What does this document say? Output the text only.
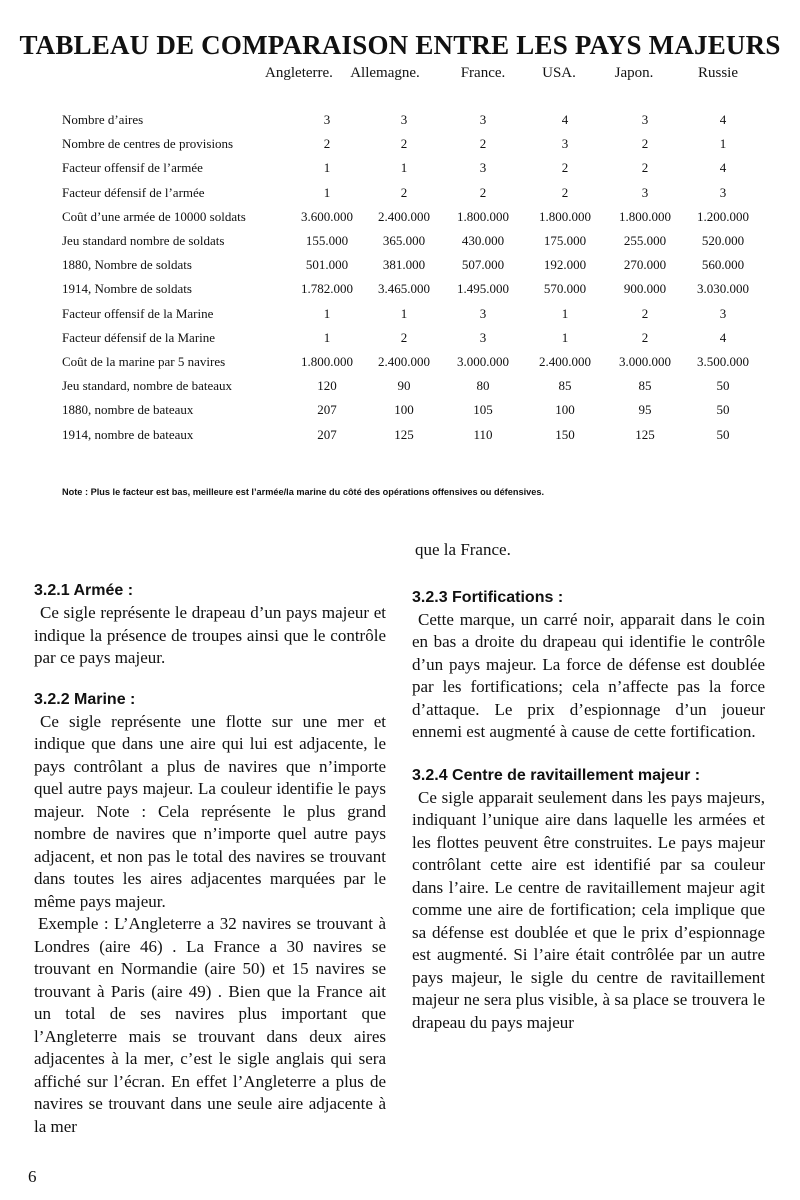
TABLEAU DE COMPARAISON ENTRE LES PAYS MAJEURS
Angleterre.	Allemagne.	France.	USA.	Japon.	Russie
Nombre d’aires	3	3	3	4	3	4
Nombre de centres de provisions	2	2	2	3	2	1
Facteur offensif de l’armée	1	1	3	2	2	4
Facteur défensif de l’armée	1	2	2	2	3	3
Coût d’une armée de 10000 soldats	3.600.000	2.400.000	1.800.000	1.800.000	1.800.000	1.200.000
Jeu standard nombre de soldats	155.000	365.000	430.000	175.000	255.000	520.000
1880, Nombre de soldats	501.000	381.000	507.000	192.000	270.000	560.000
1914, Nombre de soldats	1.782.000	3.465.000	1.495.000	570.000	900.000	3.030.000
Facteur offensif de la Marine	1	1	3	1	2	3
Facteur défensif de la Marine	1	2	3	1	2	4
Coût de la marine par 5 navires	1.800.000	2.400.000	3.000.000	2.400.000	3.000.000	3.500.000
Jeu standard, nombre de bateaux	120	90	80	85	85	50
1880, nombre de bateaux	207	100	105	100	95	50
1914, nombre de bateaux	207	125	110	150	125	50
Note : Plus le facteur est bas, meilleure est l’armée/la marine du côté des opérations offensives ou défensives.
3.2.1 Armée :

Ce sigle représente le drapeau d’un pays majeur et indique la présence de troupes ainsi que le contrôle par ce pays majeur.

3.2.2 Marine :

Ce sigle représente une flotte sur une mer et indique que dans une aire qui lui est adjacente, le pays contrôlant a plus de navires que n’importe quel autre pays majeur. La couleur identifie le pays majeur. Note : Cela représente le plus grand nombre de navires que n’importe quel autre pays adjacent, et non pas le total des navires se trouvant dans toutes les aires adjacentes marquées par le même pays majeur.

Exemple : L’Angleterre a 32 navires se trouvant à Londres (aire 46) . La France a 30 navires se trouvant en Normandie (aire 50) et 15 navires se trouvant à Paris (aire 49) . Bien que la France ait un total de ses navires plus important que l’Angleterre mais se trouvant dans deux aires adjacentes à la mer, c’est le sigle anglais qui sera affiché sur l’écran. En effet l’Angleterre a plus de navires se trouvant dans une seule aire adjacente à la mer

que la France.

3.2.3 Fortifications :

Cette marque, un carré noir, apparait dans le coin en bas a droite du drapeau qui identifie le contrôle d’un pays majeur. La force de défense est doublée par les fortifications; cela n’affecte pas la force d’attaque. Le prix d’espionnage d’un joueur ennemi est augmenté à cause de cette fortification.

3.2.4 Centre de ravitaillement majeur :

Ce sigle apparait seulement dans les pays majeurs, indiquant l’unique aire dans laquelle les armées et les flottes peuvent être construites. Le pays majeur contrôlant cette aire est identifié par sa couleur dans l’aire. Le centre de ravitaillement majeur agit comme une aire de fortification; cela implique que sa défense est doublée et que le prix d’espionnage est augmenté. Si l’aire était contrôlée par un autre pays majeur, le sigle du centre de ravitaillement majeur ne sera plus visible, à sa place se trouvera le drapeau du pays majeur

6
